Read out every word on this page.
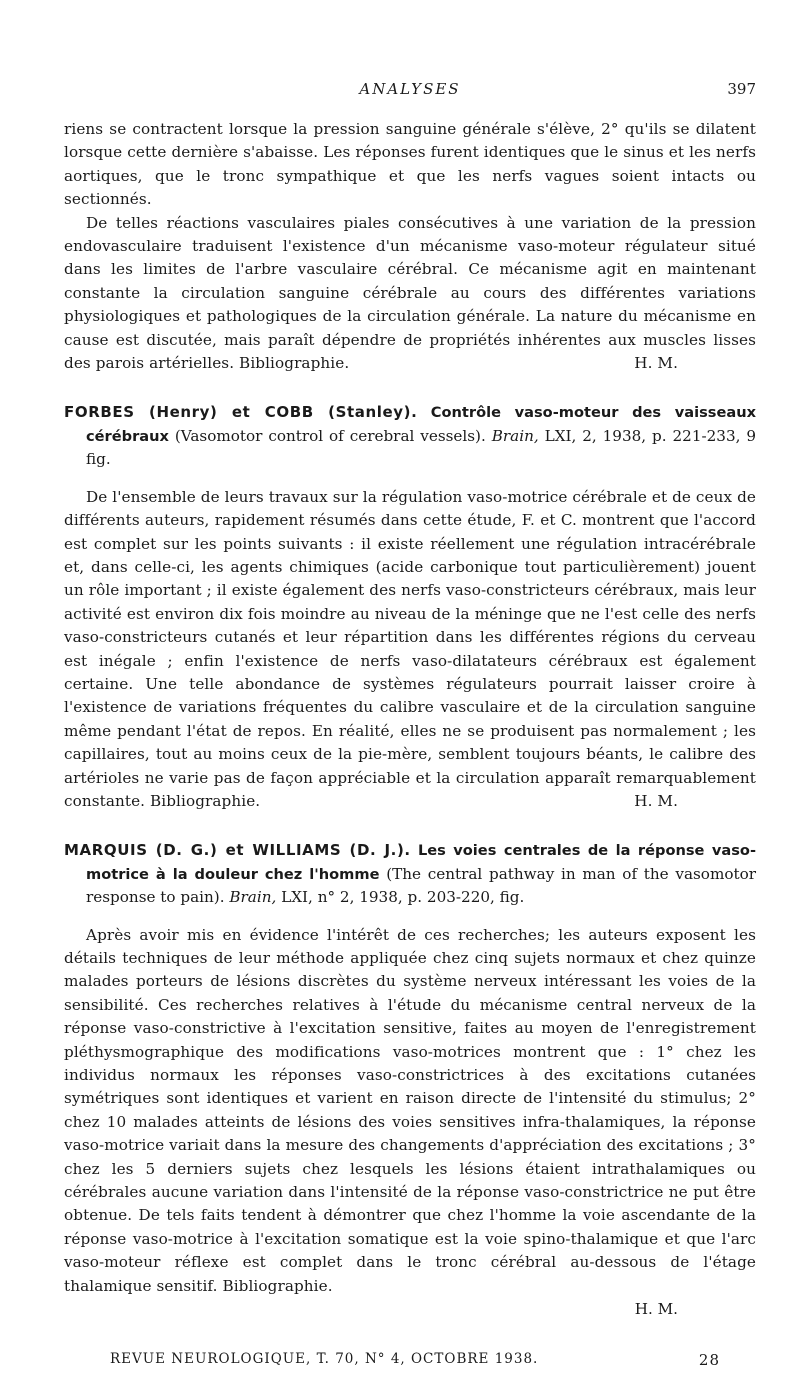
ANALYSES	397

riens se contractent lorsque la pression sanguine générale s'élève, 2° qu'ils se dilatent lorsque cette dernière s'abaisse. Les réponses furent identiques que le sinus et les nerfs aortiques, que le tronc sympathique et que les nerfs vagues soient intacts ou sectionnés.

De telles réactions vasculaires piales consécutives à une variation de la pression endovasculaire traduisent l'existence d'un mécanisme vaso-moteur régulateur situé dans les limites de l'arbre vasculaire cérébral. Ce mécanisme agit en maintenant constante la circulation sanguine cérébrale au cours des différentes variations physiologiques et pathologiques de la circulation générale. La nature du mécanisme en cause est discutée, mais paraît dépendre de propriétés inhérentes aux muscles lisses des parois artérielles. Bibliographie.	H. M.

FORBES (Henry) et COBB (Stanley). Contrôle vaso-moteur des vaisseaux cérébraux (Vasomotor control of cerebral vessels). Brain, LXI, 2, 1938, p. 221-233, 9 fig.

De l'ensemble de leurs travaux sur la régulation vaso-motrice cérébrale et de ceux de différents auteurs, rapidement résumés dans cette étude, F. et C. montrent que l'accord est complet sur les points suivants : il existe réellement une régulation intracérébrale et, dans celle-ci, les agents chimiques (acide carbonique tout particulièrement) jouent un rôle important ; il existe également des nerfs vaso-constricteurs cérébraux, mais leur activité est environ dix fois moindre au niveau de la méninge que ne l'est celle des nerfs vaso-constricteurs cutanés et leur répartition dans les différentes régions du cerveau est inégale ; enfin l'existence de nerfs vaso-dilatateurs cérébraux est également certaine. Une telle abondance de systèmes régulateurs pourrait laisser croire à l'existence de variations fréquentes du calibre vasculaire et de la circulation sanguine même pendant l'état de repos. En réalité, elles ne se produisent pas normalement ; les capillaires, tout au moins ceux de la pie-mère, semblent toujours béants, le calibre des artérioles ne varie pas de façon appréciable et la circulation apparaît remarquablement constante. Bibliographie.	H. M.

MARQUIS (D. G.) et WILLIAMS (D. J.). Les voies centrales de la réponse vaso-motrice à la douleur chez l'homme (The central pathway in man of the vasomotor response to pain). Brain, LXI, n° 2, 1938, p. 203-220, fig.

Après avoir mis en évidence l'intérêt de ces recherches; les auteurs exposent les détails techniques de leur méthode appliquée chez cinq sujets normaux et chez quinze malades porteurs de lésions discrètes du système nerveux intéressant les voies de la sensibilité. Ces recherches relatives à l'étude du mécanisme central nerveux de la réponse vaso-constrictive à l'excitation sensitive, faites au moyen de l'enregistrement pléthysmographique des modifications vaso-motrices montrent que : 1° chez les individus normaux les réponses vaso-constrictrices à des excitations cutanées symétriques sont identiques et varient en raison directe de l'intensité du stimulus; 2° chez 10 malades atteints de lésions des voies sensitives infra-thalamiques, la réponse vaso-motrice variait dans la mesure des changements d'appréciation des excitations ; 3° chez les 5 derniers sujets chez lesquels les lésions étaient intrathalamiques ou cérébrales aucune variation dans l'intensité de la réponse vaso-constrictrice ne put être obtenue. De tels faits tendent à démontrer que chez l'homme la voie ascendante de la réponse vaso-motrice à l'excitation somatique est la voie spino-thalamique et que l'arc vaso-moteur réflexe est complet dans le tronc cérébral au-dessous de l'étage thalamique sensitif. Bibliographie.

H. M.
REVUE NEUROLOGIQUE, T. 70, N° 4, OCTOBRE 1938.	28
